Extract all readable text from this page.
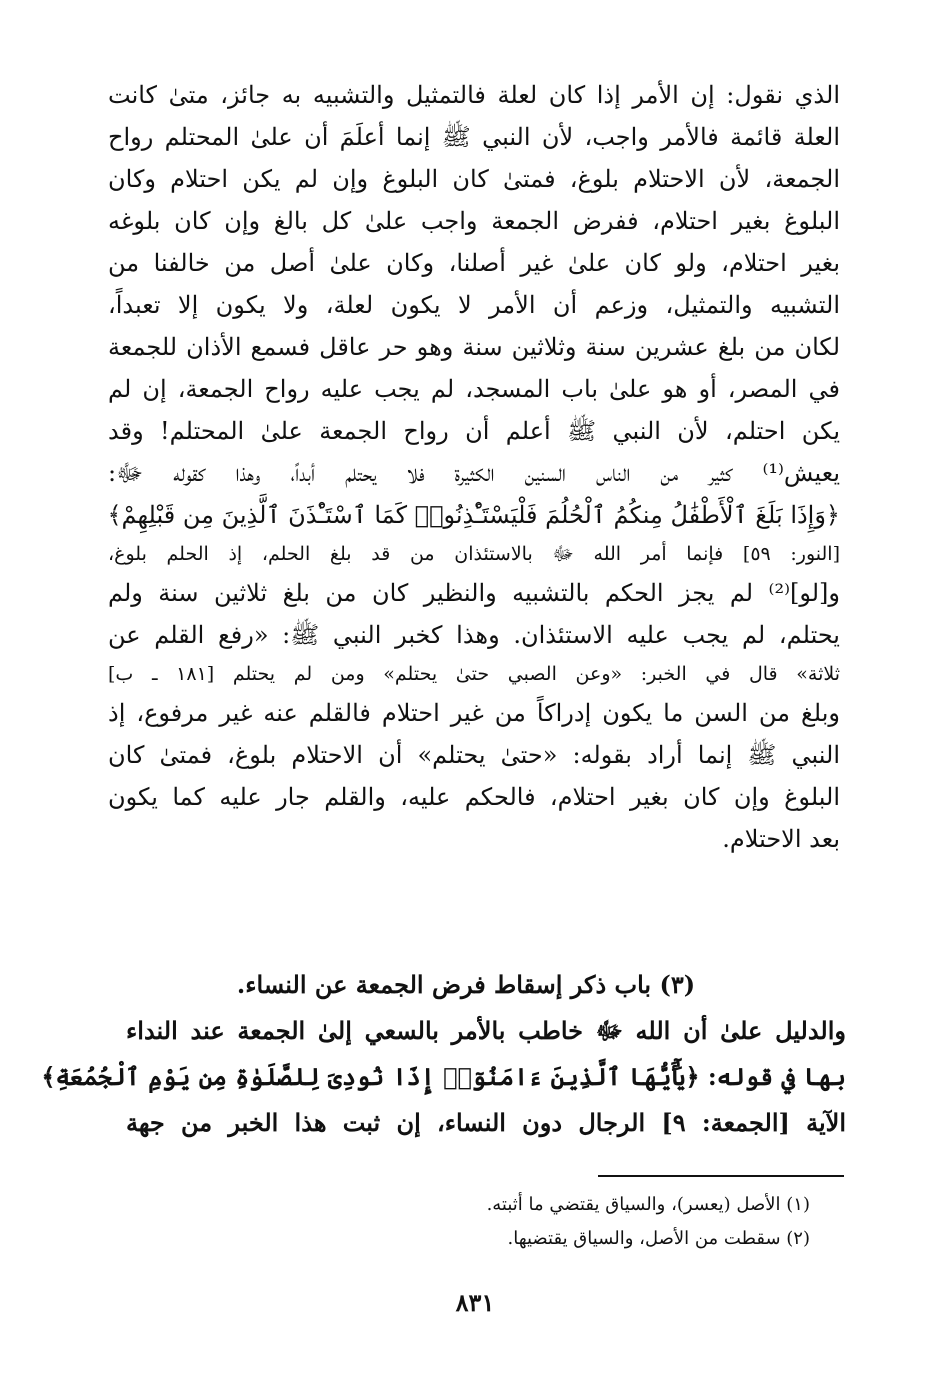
الذي نقول: إن الأمر إذا كان لعلة فالتمثيل والتشبيه به جائز، متىٰ كانت
العلة قائمة فالأمر واجب، لأن النبي ﷺ إنما أعلَمَ أن علىٰ المحتلم رواح
الجمعة، لأن الاحتلام بلوغ، فمتىٰ كان البلوغ وإن لم يكن احتلام وكان
البلوغ بغير احتلام، ففرض الجمعة واجب علىٰ كل بالغ وإن كان بلوغه
بغير احتلام، ولو كان علىٰ غير أصلنا، وكان علىٰ أصل من خالفنا من
التشبيه والتمثيل، وزعم أن الأمر لا يكون لعلة، ولا يكون إلا تعبداً،
لكان من بلغ عشرين سنة وثلاثين سنة وهو حر عاقل فسمع الأذان للجمعة
في المصر، أو هو علىٰ باب المسجد، لم يجب عليه رواح الجمعة، إن لم
يكن احتلم، لأن النبي ﷺ أعلم أن رواح الجمعة علىٰ المحتلم! وقد
يعيش⁽¹⁾ كثير من الناس السنين الكثيرة فلا يحتلم أبداً، وهذا كقوله ﷻ:
﴿وَإِذَا بَلَغَ ٱلْأَطْفَٰلُ مِنكُمُ ٱلْحُلُمَ فَلْيَسْتَـْٔذِنُوا۟ كَمَا ٱسْتَـْٔذَنَ ٱلَّذِينَ مِن قَبْلِهِمْ﴾
[النور: ٥٩] فإنما أمر الله ﷻ بالاستئذان من قد بلغ الحلم، إذ الحلم بلوغ،
و[لو]⁽²⁾ لم يجز الحكم بالتشبيه والنظير كان من بلغ ثلاثين سنة ولم
يحتلم، لم يجب عليه الاستئذان. وهذا كخبر النبي ﷺ: «رفع القلم عن
ثلاثة» قال في الخبر: «وعن الصبي حتىٰ يحتلم» ومن لم يحتلم [١٨١ ـ ب]
وبلغ من السن ما يكون إدراكاً من غير احتلام فالقلم عنه غير مرفوع، إذ
النبي ﷺ إنما أراد بقوله: «حتىٰ يحتلم» أن الاحتلام بلوغ، فمتىٰ كان
البلوغ وإن كان بغير احتلام، فالحكم عليه، والقلم جار عليه كما يكون
بعد الاحتلام.
(٣) باب ذكر إسقاط فرض الجمعة عن النساء.
والدليل علىٰ أن الله ﷻ خاطب بالأمر بالسعي إلىٰ الجمعة عند النداء
بها في قوله: ﴿يَٰٓأَيُّهَا ٱلَّذِينَ ءَامَنُوٓا۟ إِذَا نُودِىَ لِلصَّلَوٰةِ مِن يَوْمِ ٱلْجُمُعَةِ﴾
الآية [الجمعة: ٩] الرجال دون النساء، إن ثبت هذا الخبر من جهة
(١) الأصل (يعسر)، والسياق يقتضي ما أثبته.
(٢) سقطت من الأصل، والسياق يقتضيها.
٨٣١
